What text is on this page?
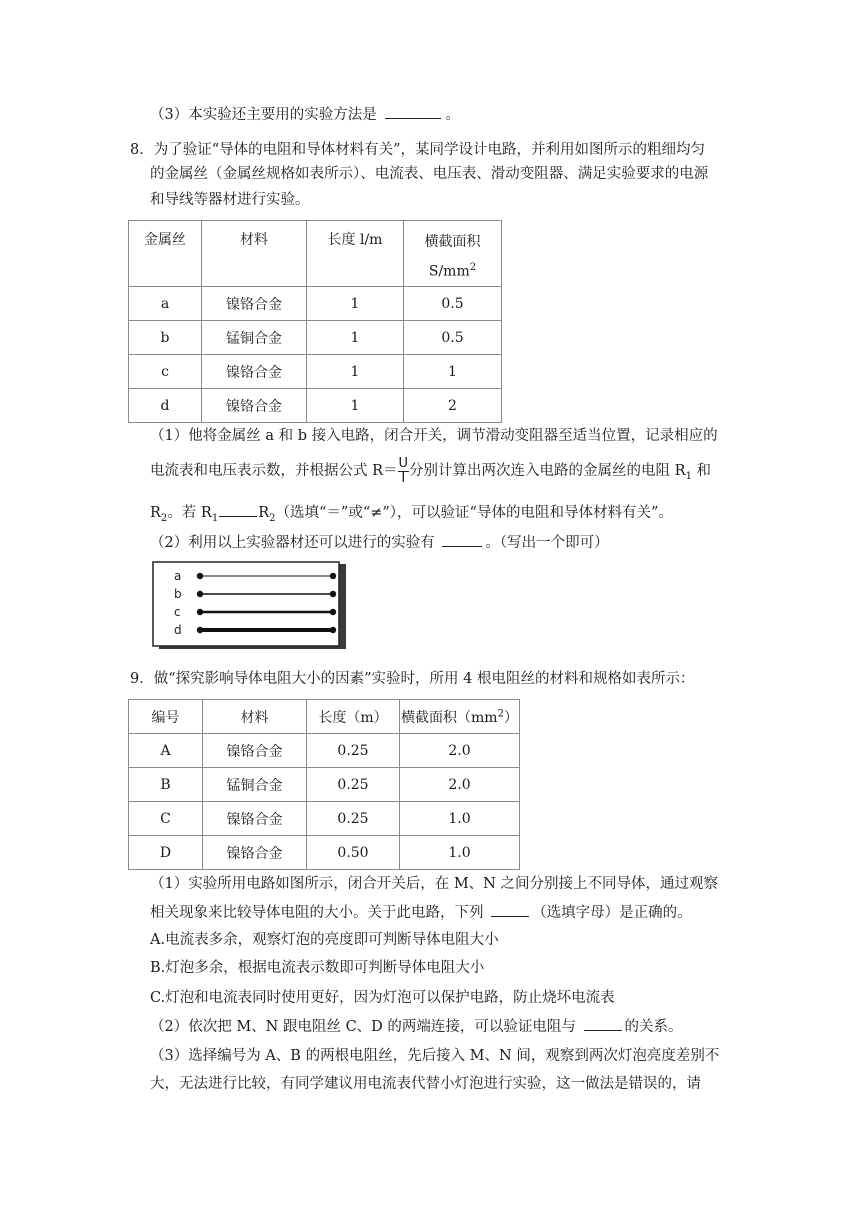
（3）本实验还主要用的实验方法是	。
8．为了验证“导体的电阻和导体材料有关”，某同学设计电路，并利用如图所示的粗细均匀
的金属丝（金属丝规格如表所示）、电流表、电压表、滑动变阻器、满足实验要求的电源
和导线等器材进行实验。
金属丝	材料	长度 l/m	横截面积
$S/mm^2$

a	镍铬合金	1	0.5
b	锰铜合金	1	0.5
c	镍铬合金	1	1
d	镍铬合金	1	2
（1）他将金属丝 a 和 b 接入电路，闭合开关，调节滑动变阻器至适当位置，记录相应的
电流表和电压表示数，并根据公式 $R= \frac{U}{I}$ 分别计算出两次连入电路的金属丝的电阻 $R_1$ 和
$R_2$。若 $R_1$	$R_2$（选填“＝”或“≠”），可以验证“导体的电阻和导体材料有关”。
（2）利用以上实验器材还可以进行的实验有	。（写出一个即可）
a
b
c
d
9．做“探究影响导体电阻大小的因素”实验时，所用 4 根电阻丝的材料和规格如表所示：
编号	材料	长度（m）	横截面积$(mm^2)$
A	镍铬合金	0.25	2.0
B	锰铜合金	0.25	2.0
C	镍铬合金	0.25	1.0
D	镍铬合金	0.50	1.0
（1）实验所用电路如图所示，闭合开关后，在 M、N 之间分别接上不同导体，通过观察
相关现象来比较导体电阻的大小。关于此电路，下列	（选填字母）是正确的。
A.电流表多余，观察灯泡的亮度即可判断导体电阻大小
B.灯泡多余，根据电流表示数即可判断导体电阻大小
C.灯泡和电流表同时使用更好，因为灯泡可以保护电路，防止烧坏电流表
（2）依次把 M、N 跟电阻丝 C、D 的两端连接，可以验证电阻与	的关系。
（3）选择编号为 A、B 的两根电阻丝，先后接入 M、N 间，观察到两次灯泡亮度差别不
大，无法进行比较，有同学建议用电流表代替小灯泡进行实验，这一做法是错误的，请
